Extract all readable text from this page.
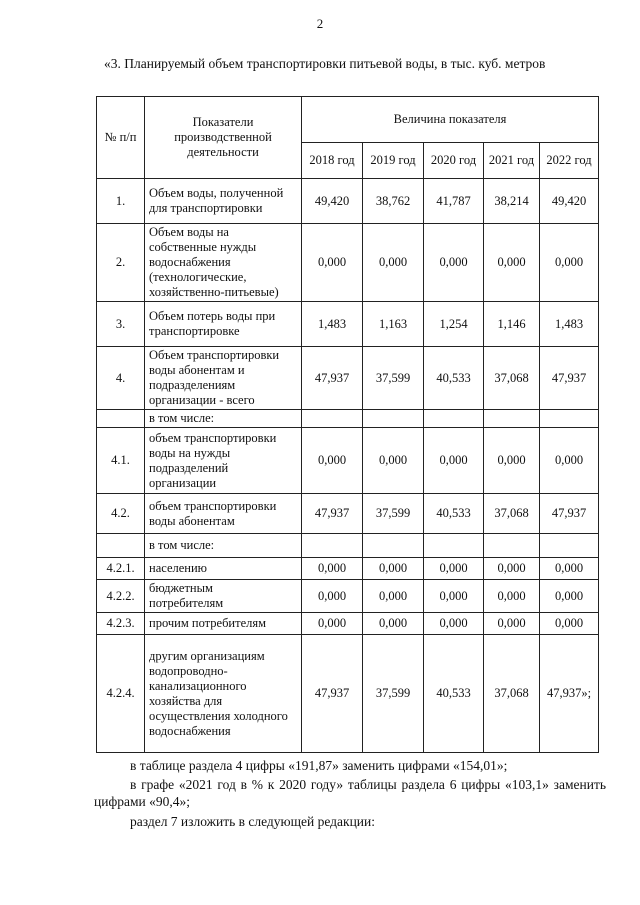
2
«3. Планируемый объем транспортировки питьевой воды, в тыс. куб. метров
№ п/п	Показатели производственной деятельности	Величина показателя				
		2018 год	2019 год	2020 год	2021 год	2022 год
1.	Объем воды, полученной для транспортировки	49,420	38,762	41,787	38,214	49,420
2.	Объем воды на собственные нужды водоснабжения (технологические, хозяйственно-питьевые)	0,000	0,000	0,000	0,000	0,000
3.	Объем потерь воды при транспортировке	1,483	1,163	1,254	1,146	1,483
4.	Объем транспортировки воды абонентам и подразделениям организации - всего	47,937	37,599	40,533	37,068	47,937
	в том числе:					
4.1.	объем транспортировки воды на нужды подразделений организации	0,000	0,000	0,000	0,000	0,000
4.2.	объем транспортировки воды абонентам	47,937	37,599	40,533	37,068	47,937
	в том числе:					
4.2.1.	населению	0,000	0,000	0,000	0,000	0,000
4.2.2.	бюджетным потребителям	0,000	0,000	0,000	0,000	0,000
4.2.3.	прочим потребителям	0,000	0,000	0,000	0,000	0,000
4.2.4.	другим организациям водопроводно-канализационного хозяйства для осуществления холодного водоснабжения	47,937	37,599	40,533	37,068	47,937»;
в таблице раздела 4 цифры «191,87» заменить цифрами «154,01»;
в графе «2021 год в % к 2020 году» таблицы раздела 6 цифры «103,1» заменить цифрами «90,4»;
раздел 7 изложить в следующей редакции:
